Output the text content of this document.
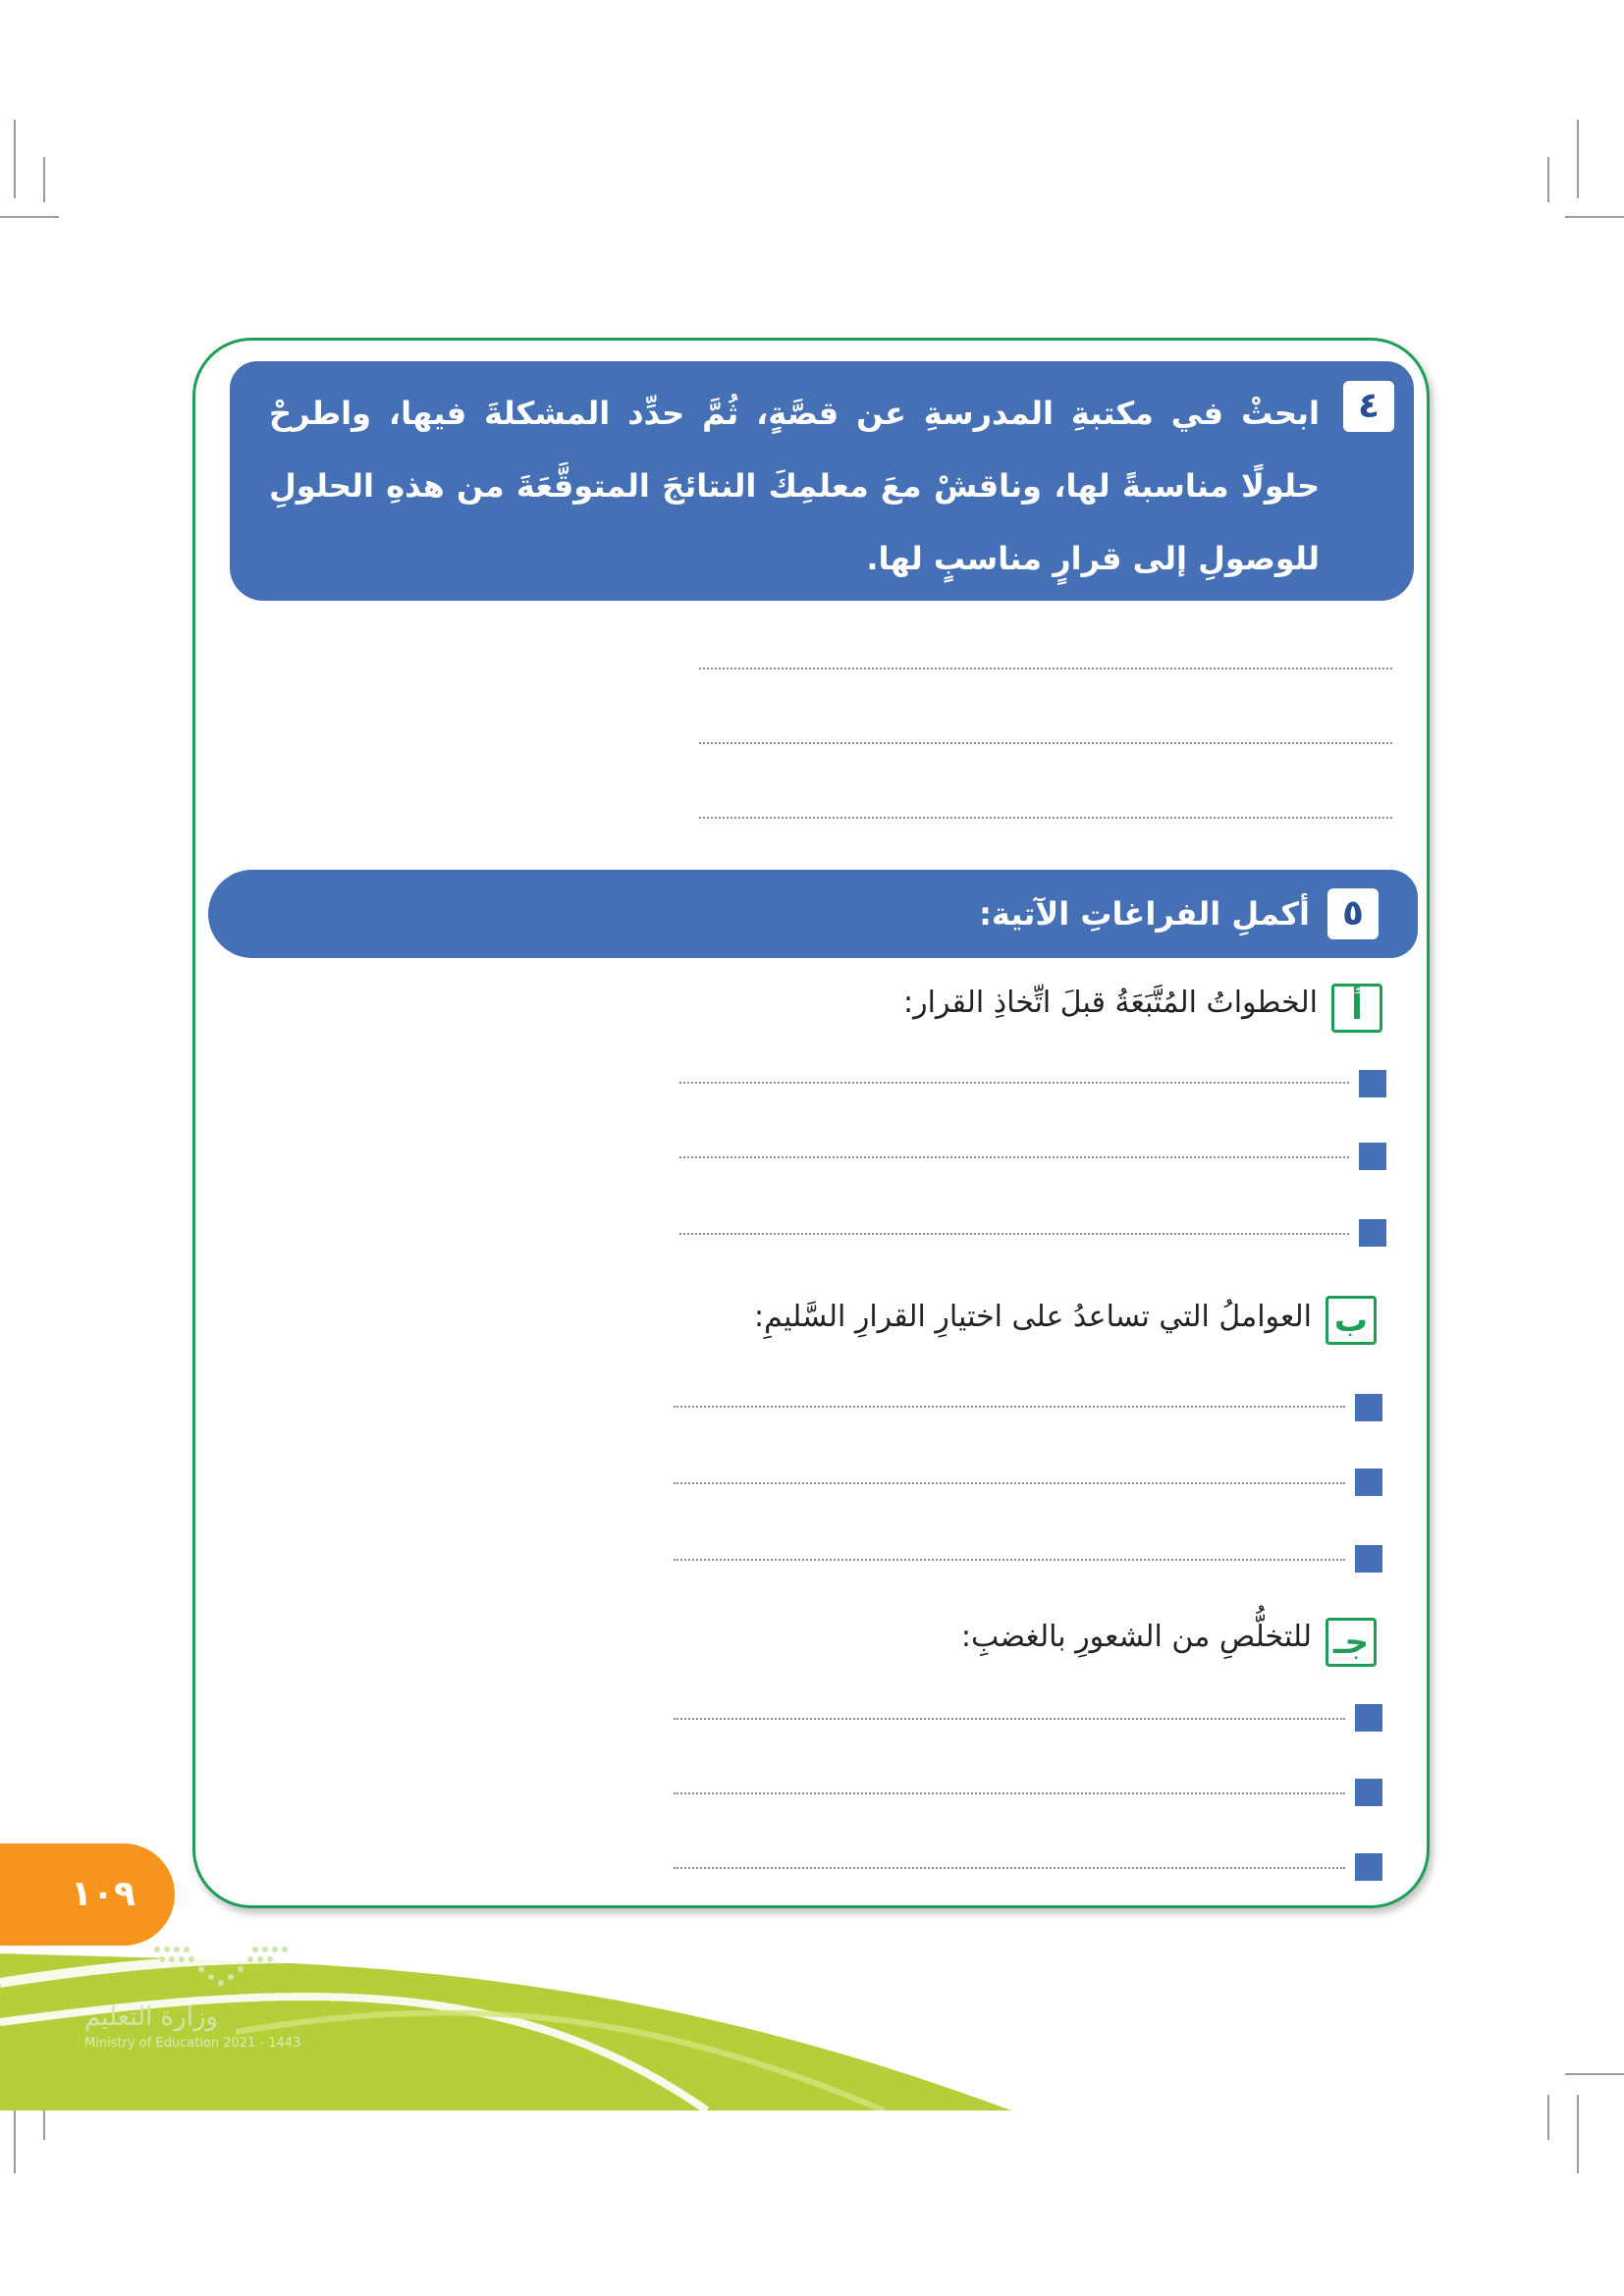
٤
ابحثْ في مكتبةِ المدرسةِ عن قصَّةٍ، ثُمَّ حدِّد المشكلةَ فيها، واطرحْ حلولًا مناسبةً لها، وناقشْ معَ معلمِكَ النتائجَ المتوقَّعَةَ من هذهِ الحلولِ للوصولِ إلى قرارٍ مناسبٍ لها.
٥
أكملِ الفراغاتِ الآتية:
أ
الخطواتُ المُتَّبَعَةُ قبلَ اتِّخاذِ القرار:
ب
العواملُ التي تساعدُ على اختيارِ القرارِ السَّليمِ:
جـ
للتخلُّصِ من الشعورِ بالغضبِ:
وزارة التعليم
Ministry of Education 2021 - 1443
١٠٩
